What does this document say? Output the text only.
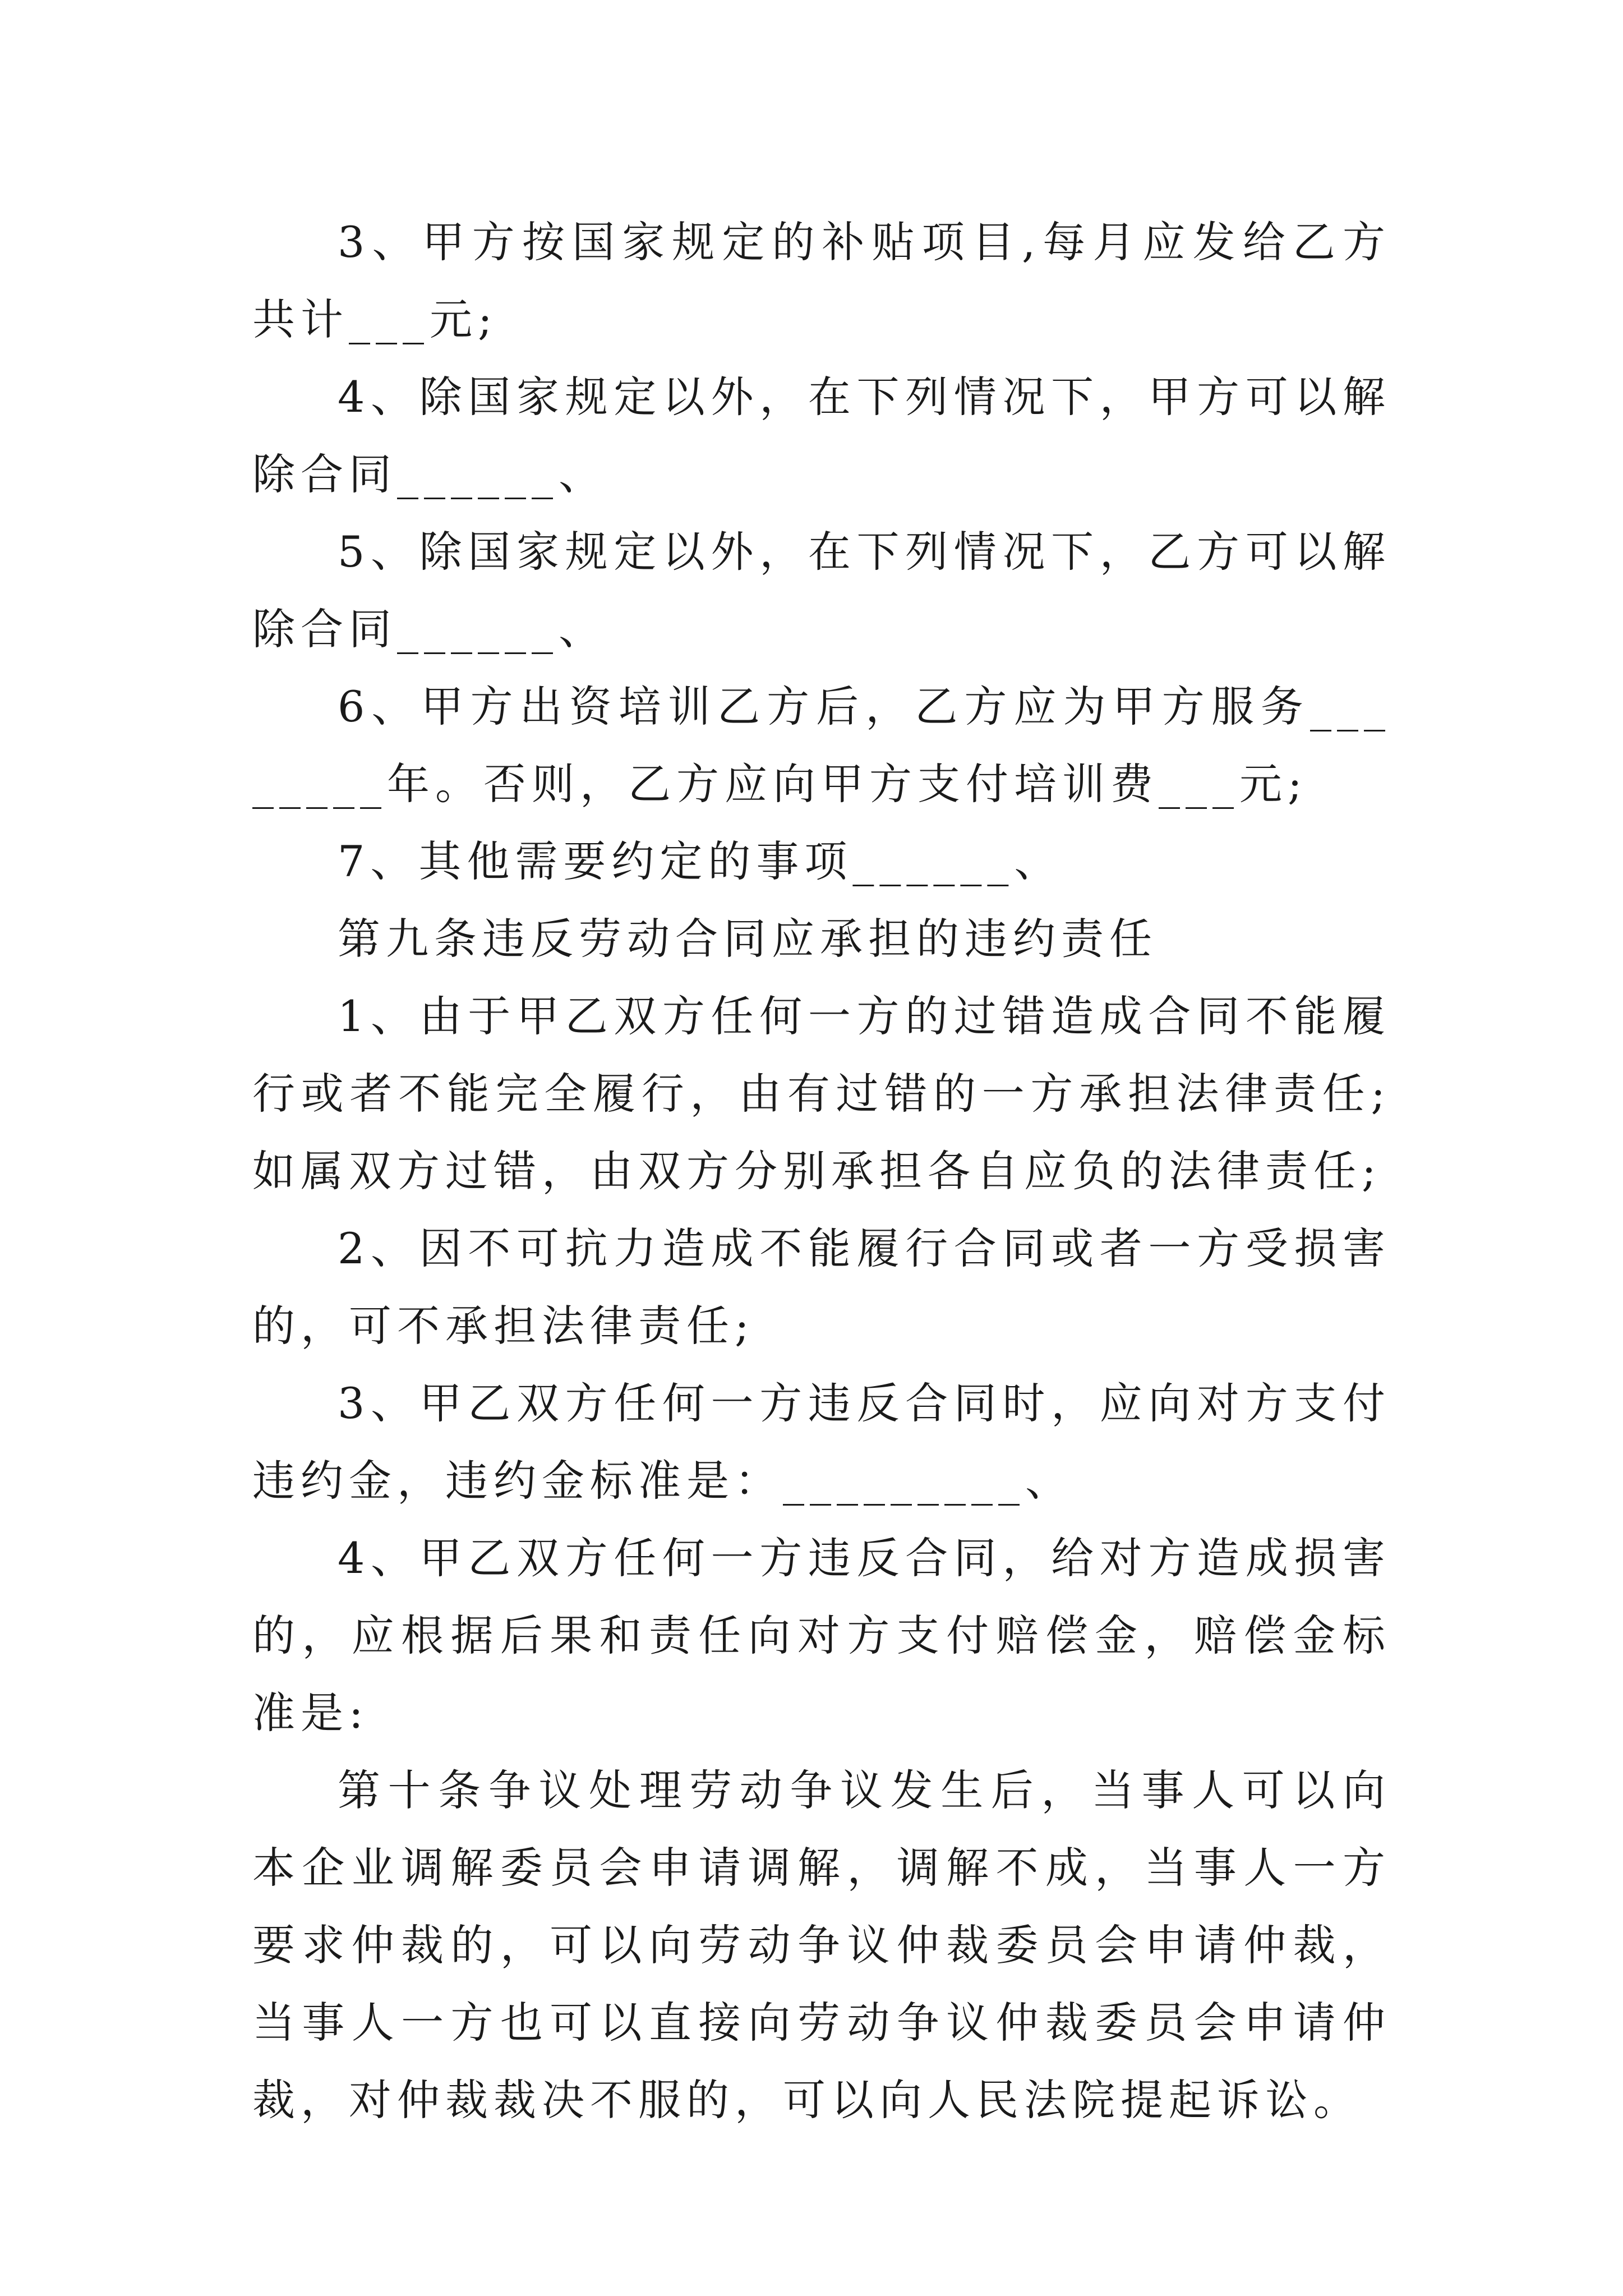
3、甲方按国家规定的补贴项目,每月应发给乙方共计___元;

4、除国家规定以外，在下列情况下，甲方可以解除合同______、

5、除国家规定以外，在下列情况下，乙方可以解除合同______、

6、甲方出资培训乙方后，乙方应为甲方服务________年。否则，乙方应向甲方支付培训费___元;

7、其他需要约定的事项______、

第九条违反劳动合同应承担的违约责任

1、由于甲乙双方任何一方的过错造成合同不能履行或者不能完全履行，由有过错的一方承担法律责任;如属双方过错，由双方分别承担各自应负的法律责任;

2、因不可抗力造成不能履行合同或者一方受损害的，可不承担法律责任;

3、甲乙双方任何一方违反合同时，应向对方支付违约金，违约金标准是：_________、

4、甲乙双方任何一方违反合同，给对方造成损害的，应根据后果和责任向对方支付赔偿金，赔偿金标准是:

第十条争议处理劳动争议发生后，当事人可以向本企业调解委员会申请调解，调解不成，当事人一方要求仲裁的，可以向劳动争议仲裁委员会申请仲裁，当事人一方也可以直接向劳动争议仲裁委员会申请仲裁，对仲裁裁决不服的，可以向人民法院提起诉讼。
